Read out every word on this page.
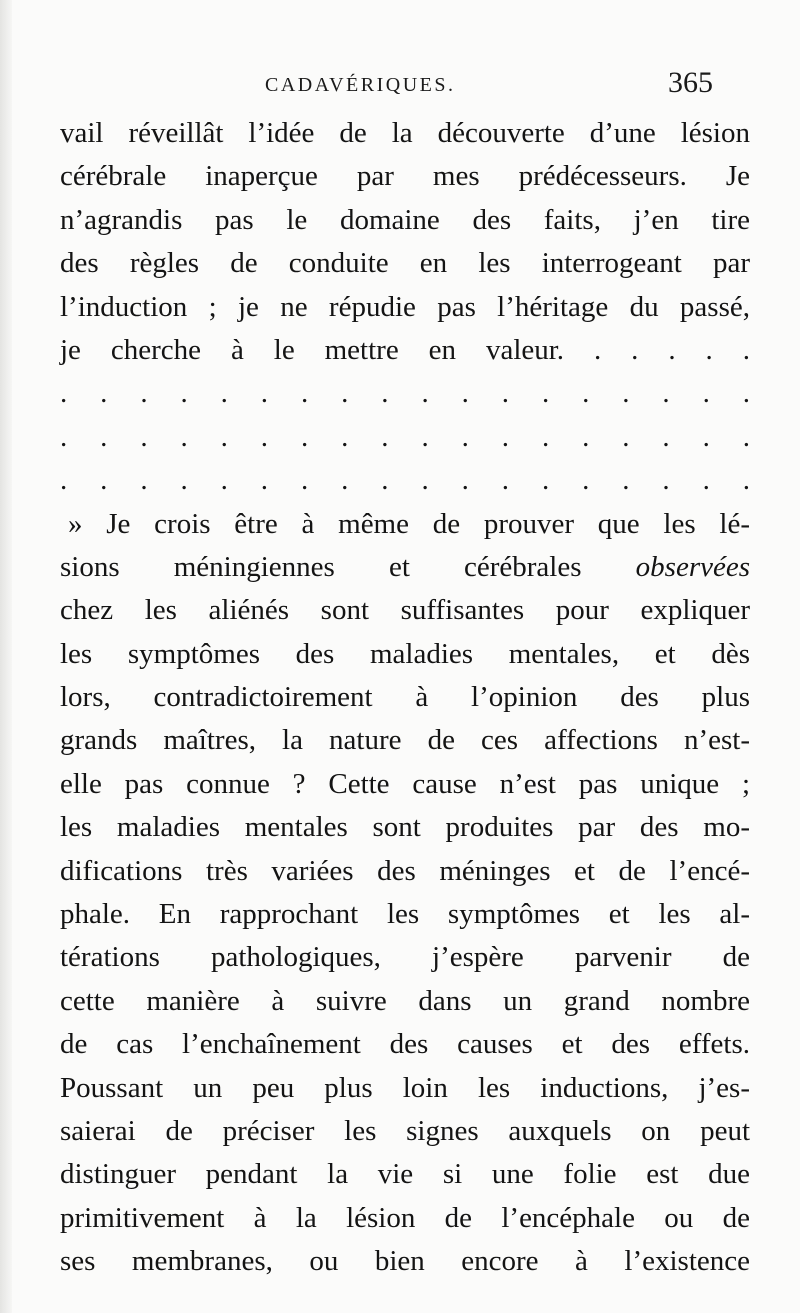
CADAVÉRIQUES.	365
vail réveillât l’idée de la découverte d’une lésion
cérébrale inaperçue par mes prédécesseurs. Je
n’agrandis pas le domaine des faits, j’en tire
des règles de conduite en les interrogeant par
l’induction ; je ne répudie pas l’héritage du passé,
je cherche à le mettre en valeur. . . . . .
. . . . . . . . . . . . . . . . . .
. . . . . . . . . . . . . . . . . .
. . . . . . . . . . . . . . . . . .
» Je crois être à même de prouver que les lé-
sions méningiennes et cérébrales observées
chez les aliénés sont suffisantes pour expliquer
les symptômes des maladies mentales, et dès
lors, contradictoirement à l’opinion des plus
grands maîtres, la nature de ces affections n’est-
elle pas connue ? Cette cause n’est pas unique ;
les maladies mentales sont produites par des mo-
difications très variées des méninges et de l’encé-
phale. En rapprochant les symptômes et les al-
térations pathologiques, j’espère parvenir de
cette manière à suivre dans un grand nombre
de cas l’enchaînement des causes et des effets.
Poussant un peu plus loin les inductions, j’es-
saierai de préciser les signes auxquels on peut
distinguer pendant la vie si une folie est due
primitivement à la lésion de l’encéphale ou de
ses membranes, ou bien encore à l’existence
